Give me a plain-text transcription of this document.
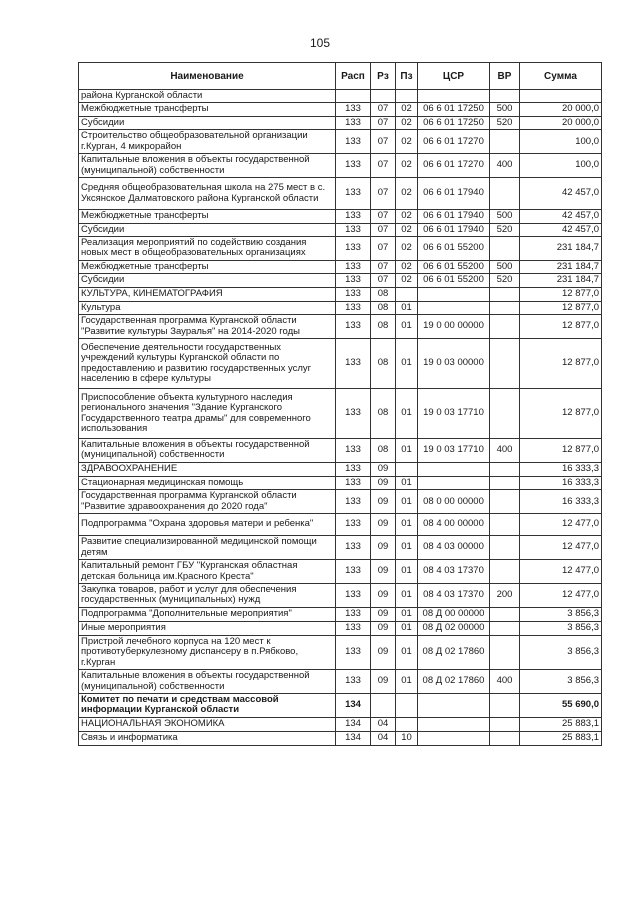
105
Наименование	Расп	Рз	Пз	ЦСР	ВР	Сумма
района Курганской области						
Межбюджетные трансферты	133	07	02	06 6 01 17250	500	20 000,0
Субсидии	133	07	02	06 6 01 17250	520	20 000,0
Строительство общеобразовательной организации г.Курган, 4 микрорайон	133	07	02	06 6 01 17270		100,0
Капитальные вложения в объекты государственной (муниципальной) собственности	133	07	02	06 6 01 17270	400	100,0
Средняя общеобразовательная школа на 275 мест в с. Уксянское Далматовского района Курганской области	133	07	02	06 6 01 17940		42 457,0
Межбюджетные трансферты	133	07	02	06 6 01 17940	500	42 457,0
Субсидии	133	07	02	06 6 01 17940	520	42 457,0
Реализация мероприятий по содействию создания новых мест в общеобразовательных организациях	133	07	02	06 6 01 55200		231 184,7
Межбюджетные трансферты	133	07	02	06 6 01 55200	500	231 184,7
Субсидии	133	07	02	06 6 01 55200	520	231 184,7
КУЛЬТУРА, КИНЕМАТОГРАФИЯ	133	08				12 877,0
Культура	133	08	01			12 877,0
Государственная программа Курганской области "Развитие культуры Зауралья" на 2014-2020 годы	133	08	01	19 0 00 00000		12 877,0
Обеспечение деятельности государственных учреждений культуры Курганской области по предоставлению и развитию государственных услуг населению в сфере культуры	133	08	01	19 0 03 00000		12 877,0
Приспособление объекта культурного наследия регионального значения "Здание Курганского Государственного театра драмы" для современного использования	133	08	01	19 0 03 17710		12 877,0
Капитальные вложения в объекты государственной (муниципальной) собственности	133	08	01	19 0 03 17710	400	12 877,0
ЗДРАВООХРАНЕНИЕ	133	09				16 333,3
Стационарная медицинская помощь	133	09	01			16 333,3
Государственная программа Курганской области "Развитие здравоохранения до 2020 года"	133	09	01	08 0 00 00000		16 333,3
Подпрограмма "Охрана здоровья матери и ребенка"	133	09	01	08 4 00 00000		12 477,0
Развитие специализированной медицинской помощи детям	133	09	01	08 4 03 00000		12 477,0
Капитальный ремонт ГБУ "Курганская областная детская больница им.Красного Креста"	133	09	01	08 4 03 17370		12 477,0
Закупка товаров, работ и услуг для обеспечения государственных (муниципальных) нужд	133	09	01	08 4 03 17370	200	12 477,0
Подпрограмма "Дополнительные мероприятия"	133	09	01	08 Д 00 00000		3 856,3
Иные мероприятия	133	09	01	08 Д 02 00000		3 856,3
Пристрой лечебного корпуса на 120 мест к противотуберкулезному диспансеру в п.Рябково, г.Курган	133	09	01	08 Д 02 17860		3 856,3
Капитальные вложения в объекты государственной (муниципальной) собственности	133	09	01	08 Д 02 17860	400	3 856,3
Комитет по печати и средствам массовой информации Курганской области	134					55 690,0
НАЦИОНАЛЬНАЯ ЭКОНОМИКА	134	04				25 883,1
Связь и информатика	134	04	10			25 883,1
